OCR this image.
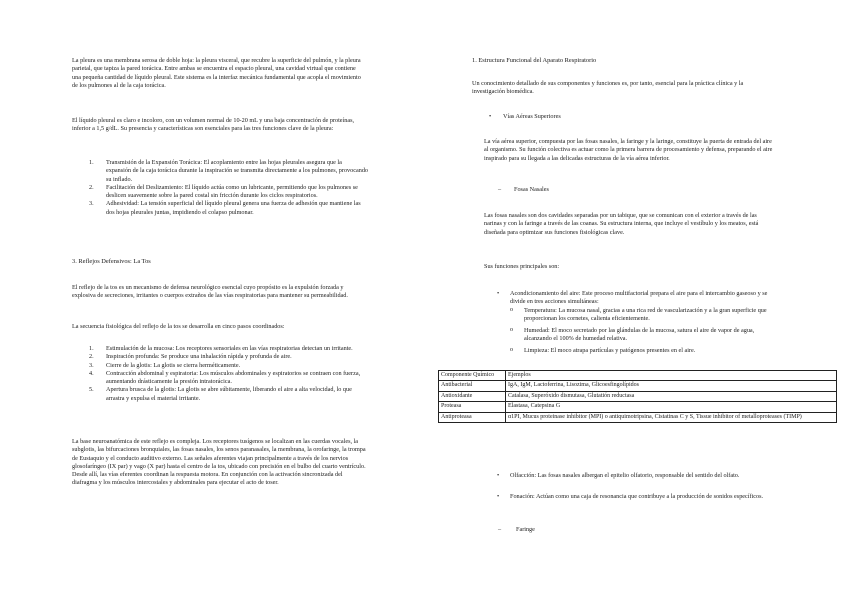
La pleura es una membrana serosa de doble hoja: la pleura visceral, que recubre la superficie del pulmón, y la pleura parietal, que tapiza la pared torácica. Entre ambas se encuentra el espacio pleural, una cavidad virtual que contiene una pequeña cantidad de líquido pleural. Este sistema es la interfaz mecánica fundamental que acopla el movimiento de los pulmones al de la caja torácica.

El líquido pleural es claro e incoloro, con un volumen normal de 10-20 mL y una baja concentración de proteínas, inferior a 1,5 g/dL. Su presencia y características son esenciales para las tres funciones clave de la pleura:

1. Transmisión de la Expansión Torácica: El acoplamiento entre las hojas pleurales asegura que la expansión de la caja torácica durante la inspiración se transmita directamente a los pulmones, provocando su inflado.
2. Facilitación del Deslizamiento: El líquido actúa como un lubricante, permitiendo que los pulmones se deslicen suavemente sobre la pared costal sin fricción durante los ciclos respiratorios.
3. Adhesividad: La tensión superficial del líquido pleural genera una fuerza de adhesión que mantiene las dos hojas pleurales juntas, impidiendo el colapso pulmonar.

3. Reflejos Defensivos: La Tos

El reflejo de la tos es un mecanismo de defensa neurológico esencial cuyo propósito es la expulsión forzada y explosiva de secreciones, irritantes o cuerpos extraños de las vías respiratorias para mantener su permeabilidad.

La secuencia fisiológica del reflejo de la tos se desarrolla en cinco pasos coordinados:

1. Estimulación de la mucosa: Los receptores sensoriales en las vías respiratorias detectan un irritante.
2. Inspiración profunda: Se produce una inhalación rápida y profunda de aire.
3. Cierre de la glotis: La glotis se cierra herméticamente.
4. Contracción abdominal y espiratoria: Los músculos abdominales y espiratorios se contraen con fuerza, aumentando drásticamente la presión intratorácica.
5. Apertura brusca de la glotis: La glotis se abre súbitamente, liberando el aire a alta velocidad, lo que arrastra y expulsa el material irritante.

La base neuroanatómica de este reflejo es compleja. Los receptores tusígenos se localizan en las cuerdas vocales, la subglotis, las bifurcaciones bronquiales, las fosas nasales, los senos paranasales, la membrana, la orofaringe, la trompa de Eustaquio y el conducto auditivo externo. Las señales aferentes viajan principalmente a través de los nervios glosofaríngeo (IX par) y vago (X par) hasta el centro de la tos, ubicado con precisión en el bulbo del cuarto ventrículo. Desde allí, las vías eferentes coordinan la respuesta motora. En conjunción con la activación sincronizada del diafragma y los músculos intercostales y abdominales para ejecutar el acto de toser.

1. Estructura Funcional del Aparato Respiratorio

Un conocimiento detallado de sus componentes y funciones es, por tanto, esencial para la práctica clínica y la investigación biomédica.

• Vías Aéreas Superiores

La vía aérea superior, compuesta por las fosas nasales, la faringe y la laringe, constituye la puerta de entrada del aire al organismo. Su función colectiva es actuar como la primera barrera de procesamiento y defensa, preparando el aire inspirado para su llegada a las delicadas estructuras de la vía aérea inferior.

– Fosas Nasales

Las fosas nasales son dos cavidades separadas por un tabique, que se comunican con el exterior a través de las narinas y con la faringe a través de las coanas. Su estructura interna, que incluye el vestíbulo y los meatos, está diseñada para optimizar sus funciones fisiológicas clave.

Sus funciones principales son:

• Acondicionamiento del aire: Este proceso multifactorial prepara el aire para el intercambio gaseoso y se divide en tres acciones simultáneas:

o Temperatura: La mucosa nasal, gracias a una rica red de vascularización y a la gran superficie que proporcionan los cornetes, calienta eficientemente.

o Humedad: El moco secretado por las glándulas de la mucosa, satura el aire de vapor de agua, alcanzando el 100% de humedad relativa.

o Limpieza: El moco atrapa partículas y patógenos presentes en el aire.

Componente Químico	Ejemplos
Antibacterial	IgA, IgM, Lactoferrina, Lisozima, Glicoesfingolípidos
Antioxidante	Catalasa, Superóxido dismutasa, Glutatión reductasa
Proteasa	Elastasa, Catepsina G
Antiproteasa	α1PI, Mucus proteinase inhibitor (MPI) o antiquimotripsina, Cistatinas C y S, Tissue inhibitor of metalloproteases (TIMP)
• Olfacción: Las fosas nasales albergan el epitelio olfatorio, responsable del sentido del olfato.

• Fonación: Actúan como una caja de resonancia que contribuye a la producción de sonidos específicos.

– Faringe
